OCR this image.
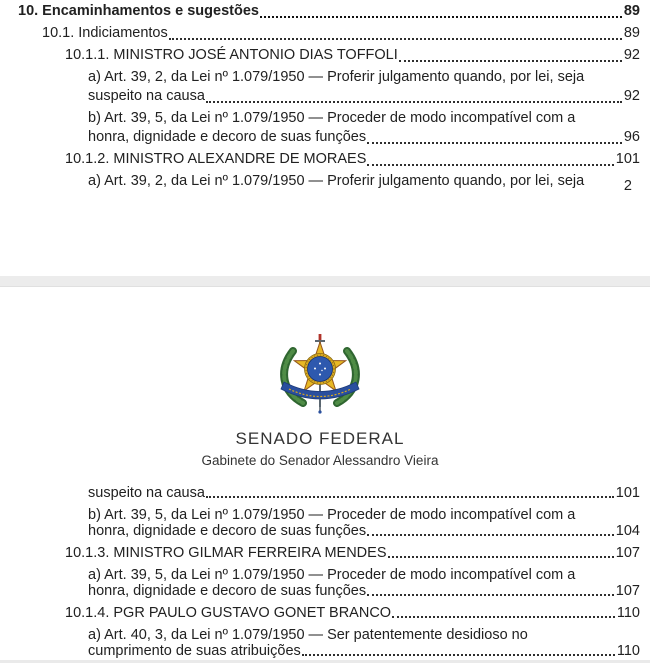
10. Encaminhamentos e sugestões	89
10.1. Indiciamentos	89
10.1.1. MINISTRO JOSÉ ANTONIO DIAS TOFFOLI	92
a) Art. 39, 2, da Lei nº 1.079/1950 — Proferir julgamento quando, por lei, seja
suspeito na causa	92
b) Art. 39, 5, da Lei nº 1.079/1950 — Proceder de modo incompatível com a
honra, dignidade e decoro de suas funções	96
10.1.2. MINISTRO ALEXANDRE DE MORAES	101
a) Art. 39, 2, da Lei nº 1.079/1950 — Proferir julgamento quando, por lei, seja	2
SENADO FEDERAL
Gabinete do Senador Alessandro Vieira
suspeito na causa	101
b) Art. 39, 5, da Lei nº 1.079/1950 — Proceder de modo incompatível com a
honra, dignidade e decoro de suas funções	104
10.1.3. MINISTRO GILMAR FERREIRA MENDES	107
a) Art. 39, 5, da Lei nº 1.079/1950 — Proceder de modo incompatível com a
honra, dignidade e decoro de suas funções	107
10.1.4. PGR PAULO GUSTAVO GONET BRANCO	110
a) Art. 40, 3, da Lei nº 1.079/1950 — Ser patentemente desidioso no
cumprimento de suas atribuições	110
